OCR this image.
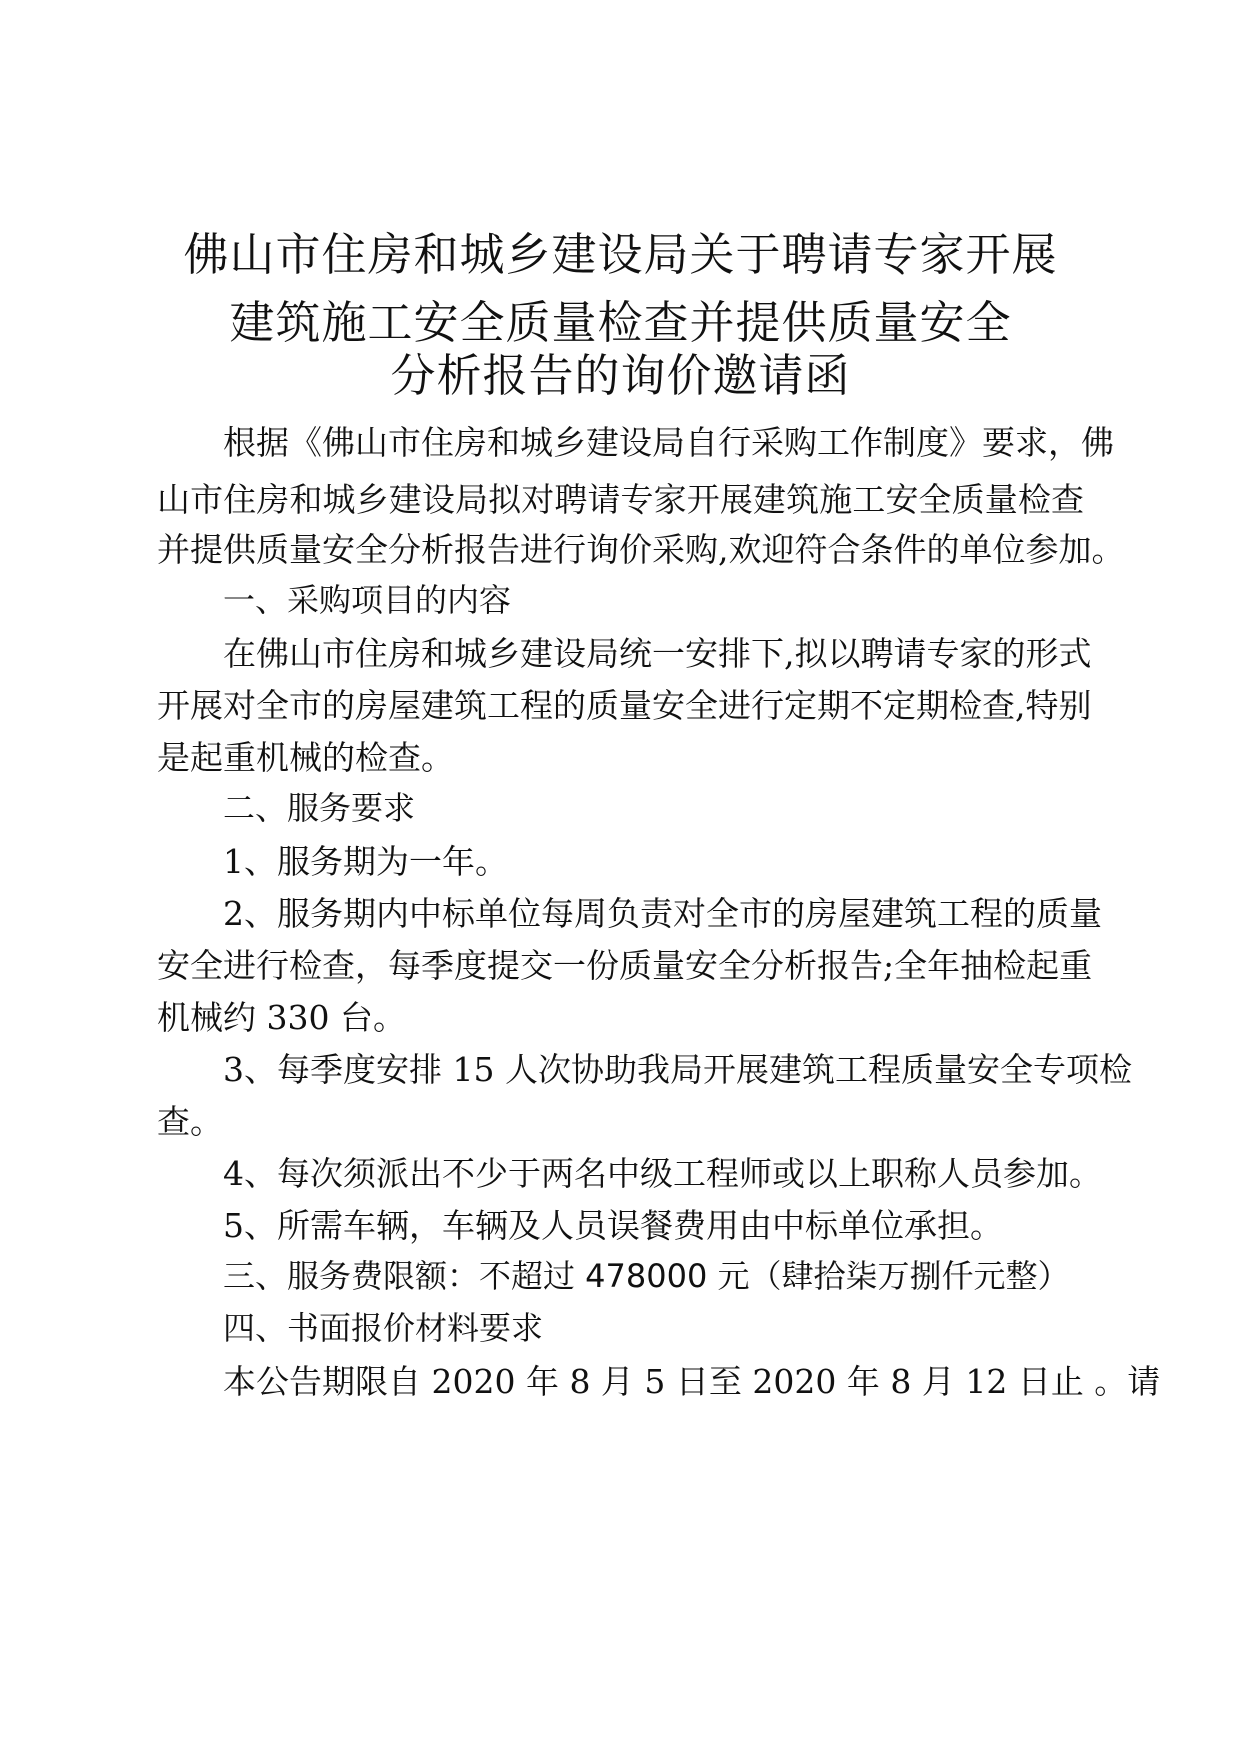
佛山市住房和城乡建设局关于聘请专家开展
建筑施工安全质量检查并提供质量安全
分析报告的询价邀请函
根据《佛山市住房和城乡建设局自行采购工作制度》要求，佛
山市住房和城乡建设局拟对聘请专家开展建筑施工安全质量检查
并提供质量安全分析报告进行询价采购,欢迎符合条件的单位参加。
一、采购项目的内容
在佛山市住房和城乡建设局统一安排下,拟以聘请专家的形式
开展对全市的房屋建筑工程的质量安全进行定期不定期检查,特别
是起重机械的检查。
二、服务要求
1、服务期为一年。
2、服务期内中标单位每周负责对全市的房屋建筑工程的质量
安全进行检查，每季度提交一份质量安全分析报告;全年抽检起重
机械约 330 台。
3、每季度安排 15 人次协助我局开展建筑工程质量安全专项检
查。
4、每次须派出不少于两名中级工程师或以上职称人员参加。
5、所需车辆，车辆及人员误餐费用由中标单位承担。
三、服务费限额：不超过 478000 元（肆拾柒万捌仟元整）
四、书面报价材料要求
本公告期限自 2020 年 8 月 5 日至 2020 年 8 月 12 日止 。请
